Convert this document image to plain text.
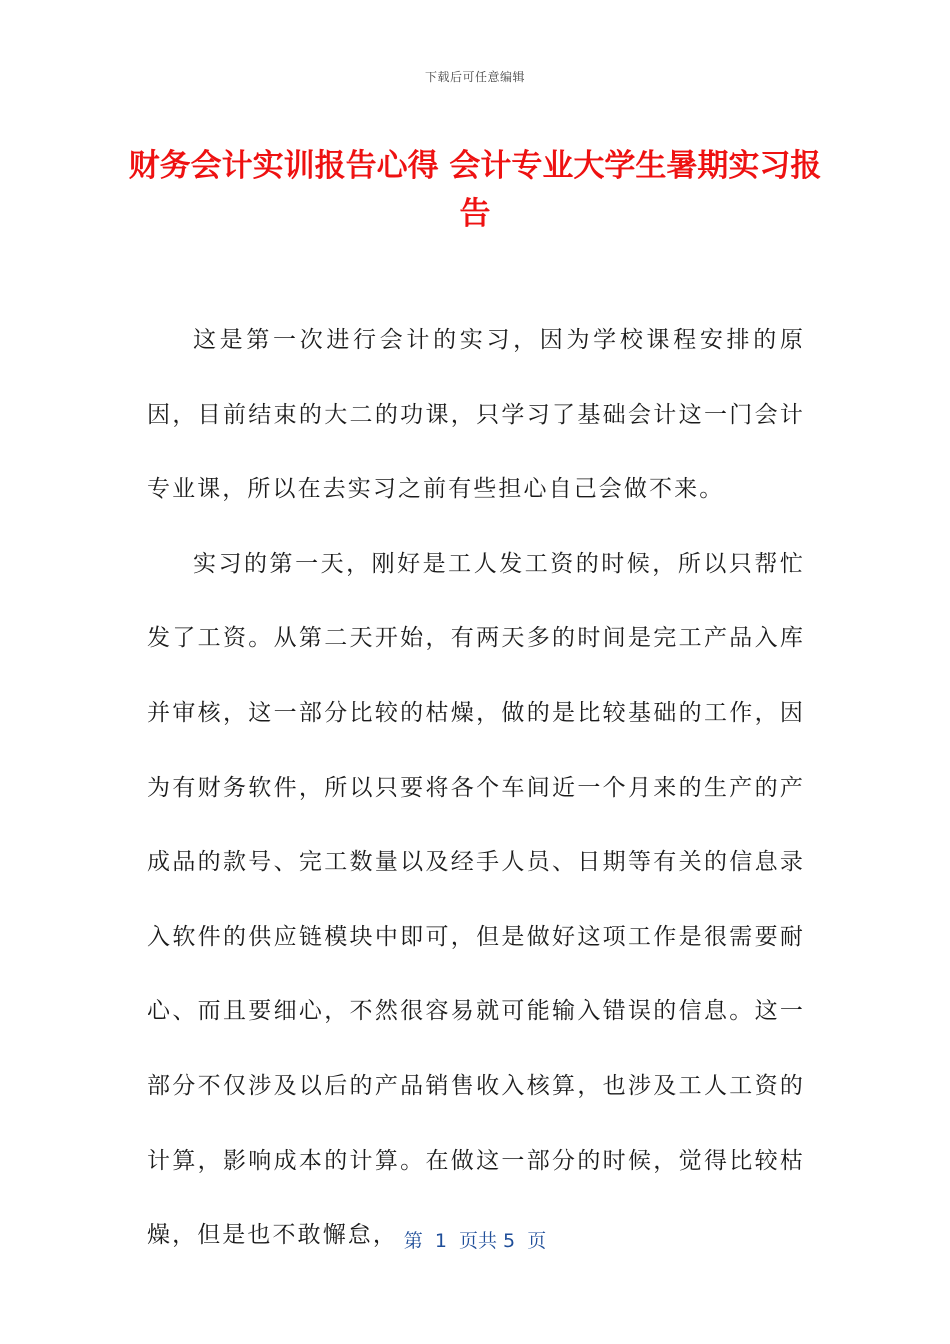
下载后可任意编辑
财务会计实训报告心得 会计专业大学生暑期实习报告

这是第一次进行会计的实习，因为学校课程安排的原因，目前结束的大二的功课，只学习了基础会计这一门会计专业课，所以在去实习之前有些担心自己会做不来。

实习的第一天，刚好是工人发工资的时候，所以只帮忙发了工资。从第二天开始，有两天多的时间是完工产品入库并审核，这一部分比较的枯燥，做的是比较基础的工作，因为有财务软件，所以只要将各个车间近一个月来的生产的产成品的款号、完工数量以及经手人员、日期等有关的信息录入软件的供应链模块中即可，但是做好这项工作是很需要耐心、而且要细心，不然很容易就可能输入错误的信息。这一部分不仅涉及以后的产品销售收入核算，也涉及工人工资的计算，影响成本的计算。在做这一部分的时候，觉得比较枯燥，但是也不敢懈怠， 第  1  页共 5  页
